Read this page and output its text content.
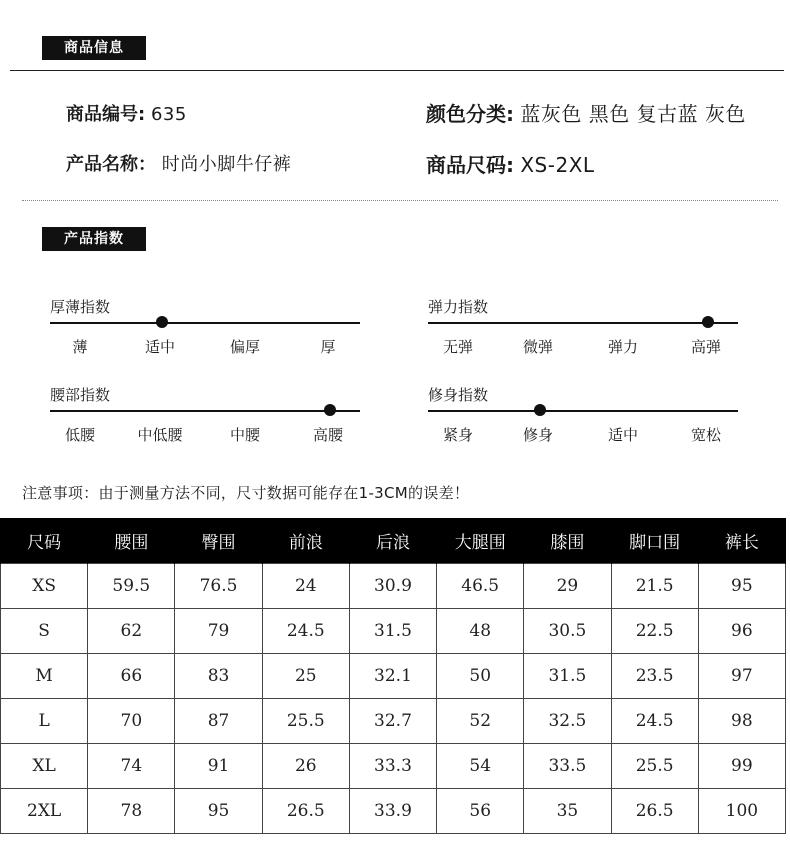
商品信息
商品编号: 635
产品名称： 时尚小脚牛仔裤
颜色分类: 蓝灰色 黑色 复古蓝 灰色
商品尺码: XS-2XL
产品指数
厚薄指数
薄	适中	偏厚	厚
弹力指数
无弹	微弹	弹力	高弹
腰部指数
低腰	中低腰	中腰	高腰
修身指数
紧身	修身	适中	宽松
注意事项：由于测量方法不同，尺寸数据可能存在1-3CM的误差！
尺码	腰围	臀围	前浪	后浪	大腿围	膝围	脚口围	裤长
XS	59.5	76.5	24	30.9	46.5	29	21.5	95
S	62	79	24.5	31.5	48	30.5	22.5	96
M	66	83	25	32.1	50	31.5	23.5	97
L	70	87	25.5	32.7	52	32.5	24.5	98
XL	74	91	26	33.3	54	33.5	25.5	99
2XL	78	95	26.5	33.9	56	35	26.5	100
